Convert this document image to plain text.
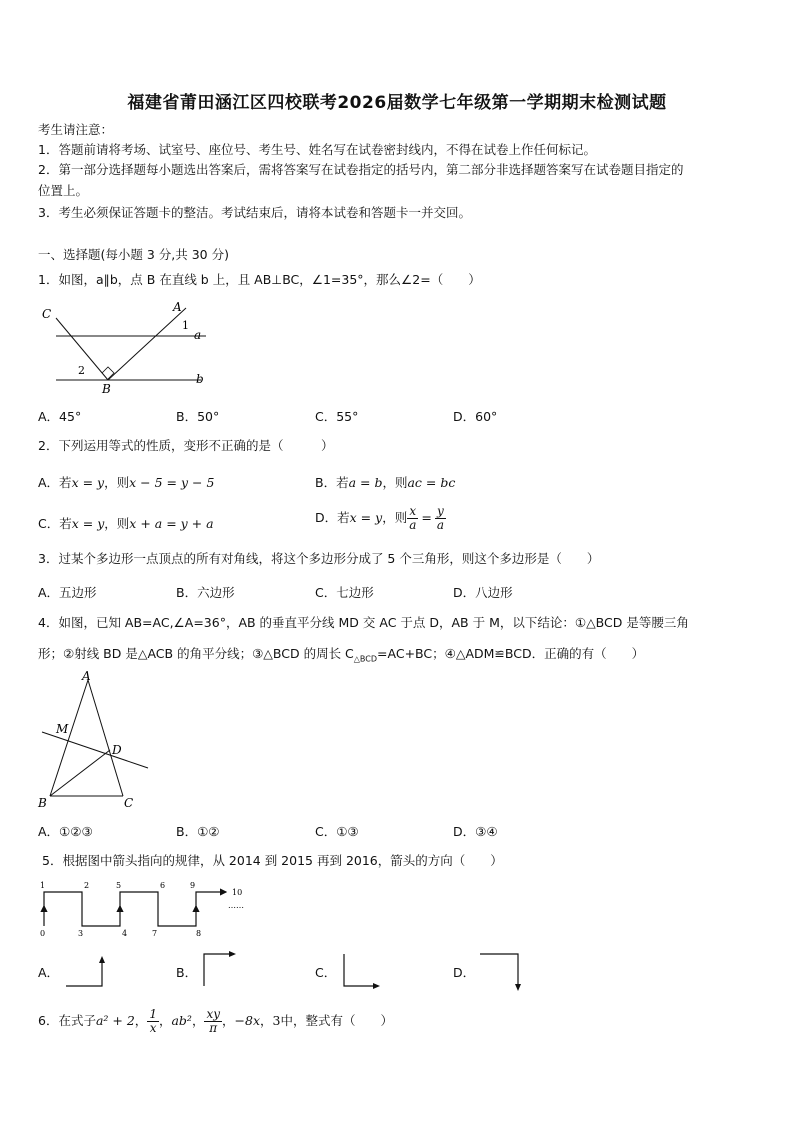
福建省莆田涵江区四校联考2026届数学七年级第一学期期末检测试题
考生请注意：
1．答题前请将考场、试室号、座位号、考生号、姓名写在试卷密封线内，不得在试卷上作任何标记。
2．第一部分选择题每小题选出答案后，需将答案写在试卷指定的括号内，第二部分非选择题答案写在试卷题目指定的
位置上。
3．考生必须保证答题卡的整洁。考试结束后，请将本试卷和答题卡一并交回。
一、选择题(每小题 3 分,共 30 分)
1．如图，a∥b，点 B 在直线 b 上，且 AB⊥BC，∠1=35°，那么∠2=（　　）
C	A
1
a
2
B
b
A．45°	B．50°	C．55°	D．60°
2．下列运用等式的性质，变形不正确的是（　　　）
A．若x = y，则x − 5 = y − 5	B．若a = b，则ac = bc
C．若x = y，则x + a = y + a	D．若x = y，则 $\frac{x}{a} = \frac{y}{a}$
3．过某个多边形一点顶点的所有对角线，将这个多边形分成了 5 个三角形，则这个多边形是（　　）
A．五边形	B．六边形	C．七边形	D．八边形
4．如图，已知 AB=AC,∠A=36°，AB 的垂直平分线 MD 交 AC 于点 D，AB 于 M，以下结论：①△BCD 是等腰三角
形；②射线 BD 是△ACB 的角平分线；③△BCD 的周长 $C_{\triangle BCD}=AC+BC$；④△ADM≌BCD．正确的有（　　）
A
M
D
B	C
A．①②③	B．①②	C．①③	D．③④
5．根据图中箭头指向的规律，从 2014 到 2015 再到 2016，箭头的方向（　　）
0
1	2
3	4
5	6
7	8
9
10
……
A．	B．	C．	D．
6．在式子a² + 2， $\frac{1}{x}$ ，ab²， $\frac{xy}{\pi}$ ，−8x，3中，整式有（　　）
